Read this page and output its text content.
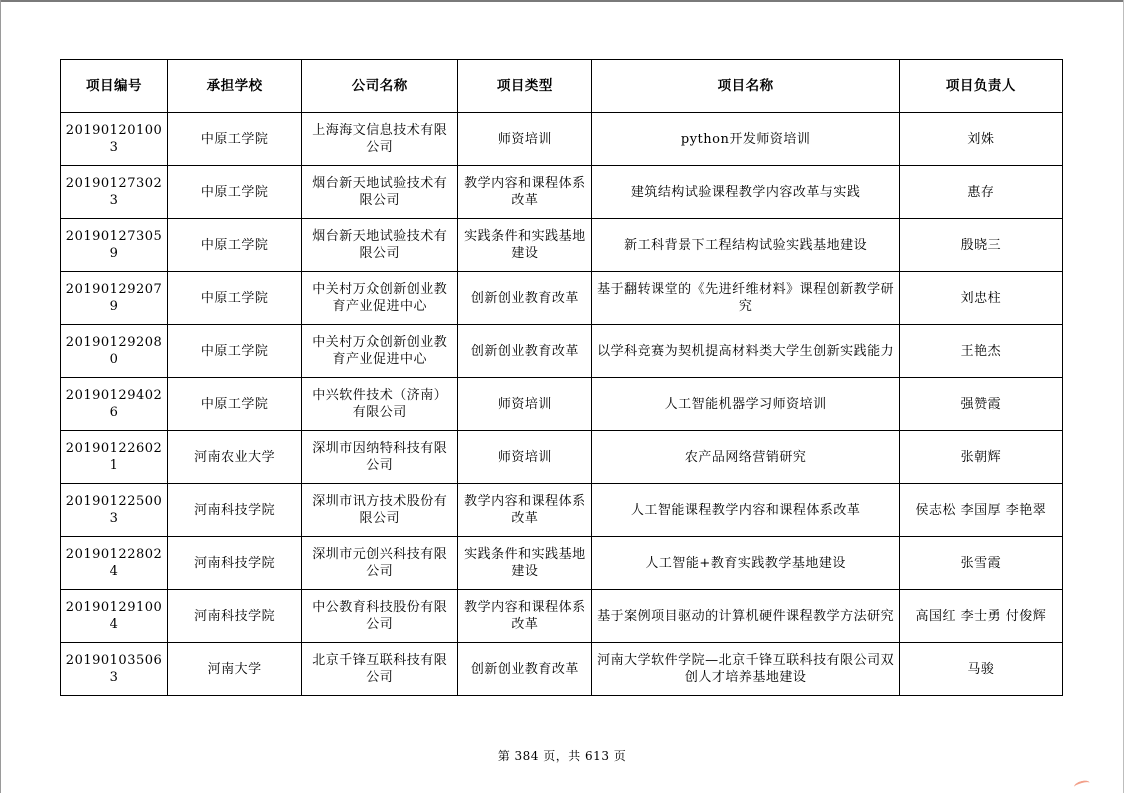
项目编号	承担学校	公司名称	项目类型	项目名称	项目负责人
201901201003	中原工学院	上海海文信息技术有限公司	师资培训	python开发师资培训	刘姝
201901273023	中原工学院	烟台新天地试验技术有限公司	教学内容和课程体系改革	建筑结构试验课程教学内容改革与实践	惠存
201901273059	中原工学院	烟台新天地试验技术有限公司	实践条件和实践基地建设	新工科背景下工程结构试验实践基地建设	殷晓三
201901292079	中原工学院	中关村万众创新创业教育产业促进中心	创新创业教育改革	基于翻转课堂的《先进纤维材料》课程创新教学研究	刘忠柱
201901292080	中原工学院	中关村万众创新创业教育产业促进中心	创新创业教育改革	以学科竞赛为契机提高材料类大学生创新实践能力	王艳杰
201901294026	中原工学院	中兴软件技术（济南）有限公司	师资培训	人工智能机器学习师资培训	强赞霞
201901226021	河南农业大学	深圳市因纳特科技有限公司	师资培训	农产品网络营销研究	张朝辉
201901225003	河南科技学院	深圳市讯方技术股份有限公司	教学内容和课程体系改革	人工智能课程教学内容和课程体系改革	侯志松 李国厚 李艳翠
201901228024	河南科技学院	深圳市元创兴科技有限公司	实践条件和实践基地建设	人工智能+教育实践教学基地建设	张雪霞
201901291004	河南科技学院	中公教育科技股份有限公司	教学内容和课程体系改革	基于案例项目驱动的计算机硬件课程教学方法研究	高国红 李士勇 付俊辉
201901035063	河南大学	北京千锋互联科技有限公司	创新创业教育改革	河南大学软件学院—北京千锋互联科技有限公司双创人才培养基地建设	马骏
第 384 页，共 613 页
